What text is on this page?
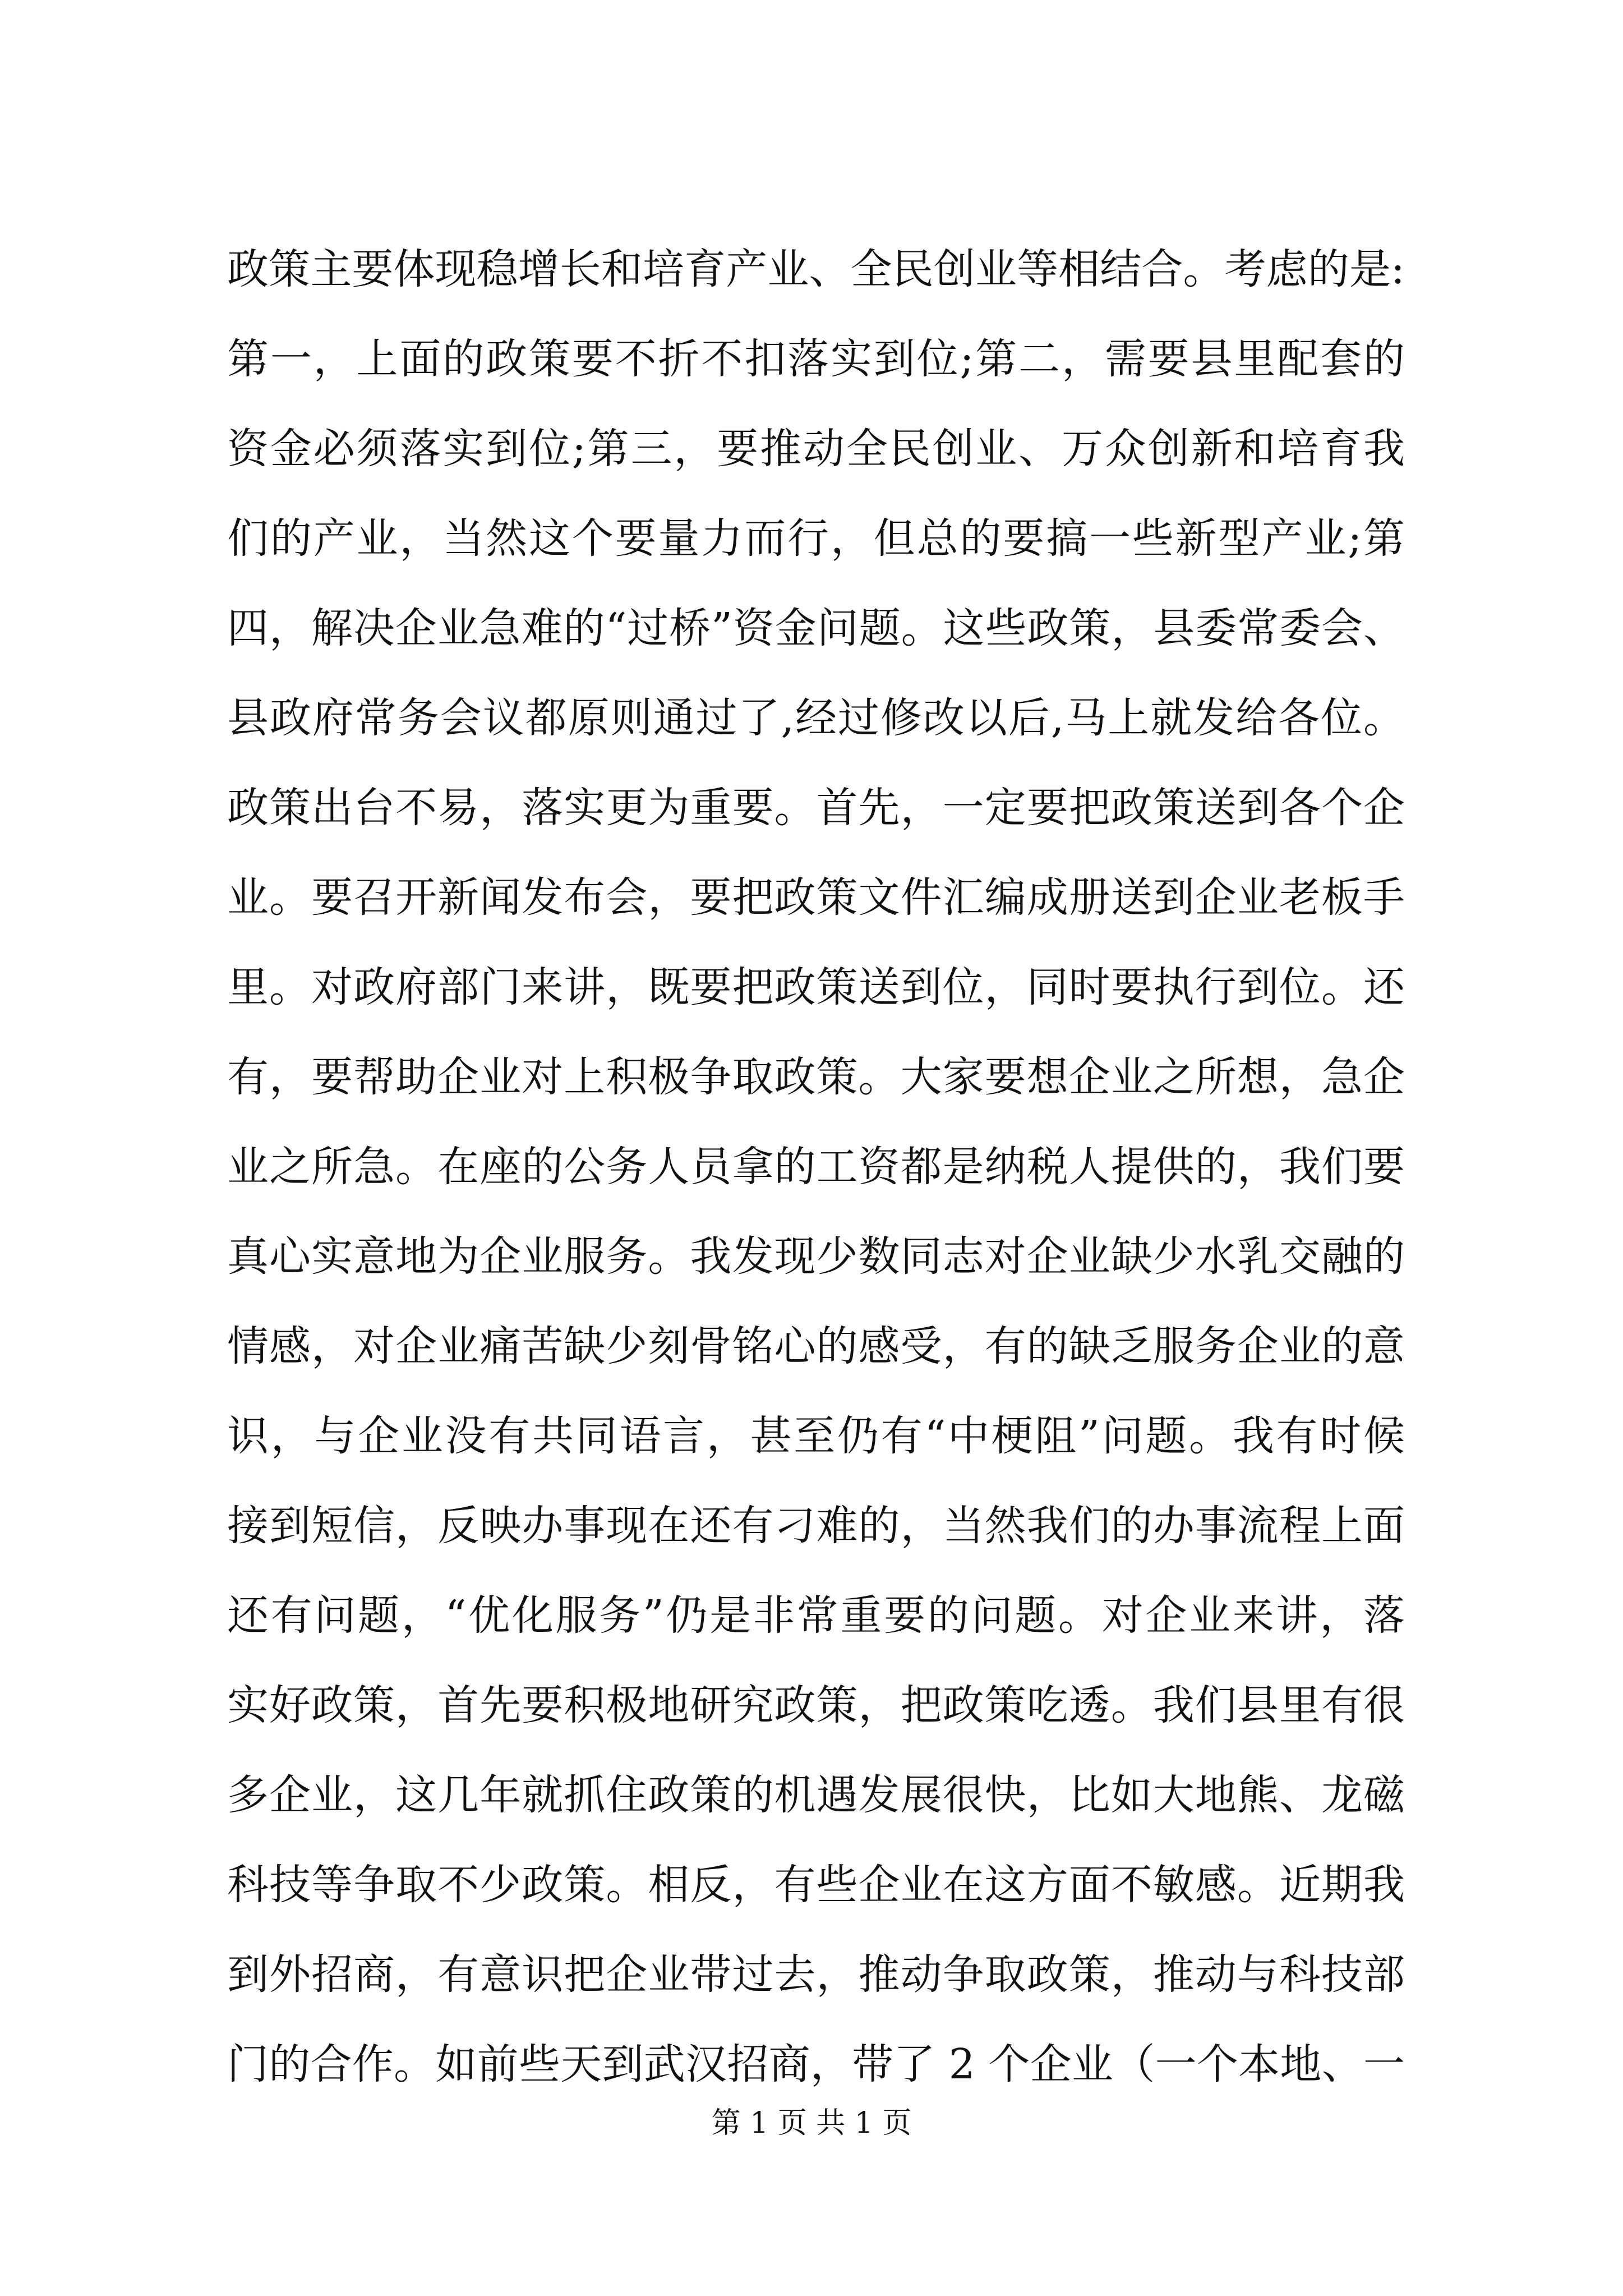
政策主要体现稳增长和培育产业、全民创业等相结合。考虑的是:
第一，上面的政策要不折不扣落实到位;第二，需要县里配套的
资金必须落实到位;第三，要推动全民创业、万众创新和培育我
们的产业，当然这个要量力而行，但总的要搞一些新型产业;第
四，解决企业急难的“过桥”资金问题。这些政策，县委常委会、
县政府常务会议都原则通过了,经过修改以后,马上就发给各位。
政策出台不易，落实更为重要。首先，一定要把政策送到各个企
业。要召开新闻发布会，要把政策文件汇编成册送到企业老板手
里。对政府部门来讲，既要把政策送到位，同时要执行到位。还
有，要帮助企业对上积极争取政策。大家要想企业之所想，急企
业之所急。在座的公务人员拿的工资都是纳税人提供的，我们要
真心实意地为企业服务。我发现少数同志对企业缺少水乳交融的
情感，对企业痛苦缺少刻骨铭心的感受，有的缺乏服务企业的意
识，与企业没有共同语言，甚至仍有“中梗阻”问题。我有时候
接到短信，反映办事现在还有刁难的，当然我们的办事流程上面
还有问题，“优化服务”仍是非常重要的问题。对企业来讲，落
实好政策，首先要积极地研究政策，把政策吃透。我们县里有很
多企业，这几年就抓住政策的机遇发展很快，比如大地熊、龙磁
科技等争取不少政策。相反，有些企业在这方面不敏感。近期我
到外招商，有意识把企业带过去，推动争取政策，推动与科技部
门的合作。如前些天到武汉招商，带了 2 个企业（一个本地、一
第 1 页 共 1 页
